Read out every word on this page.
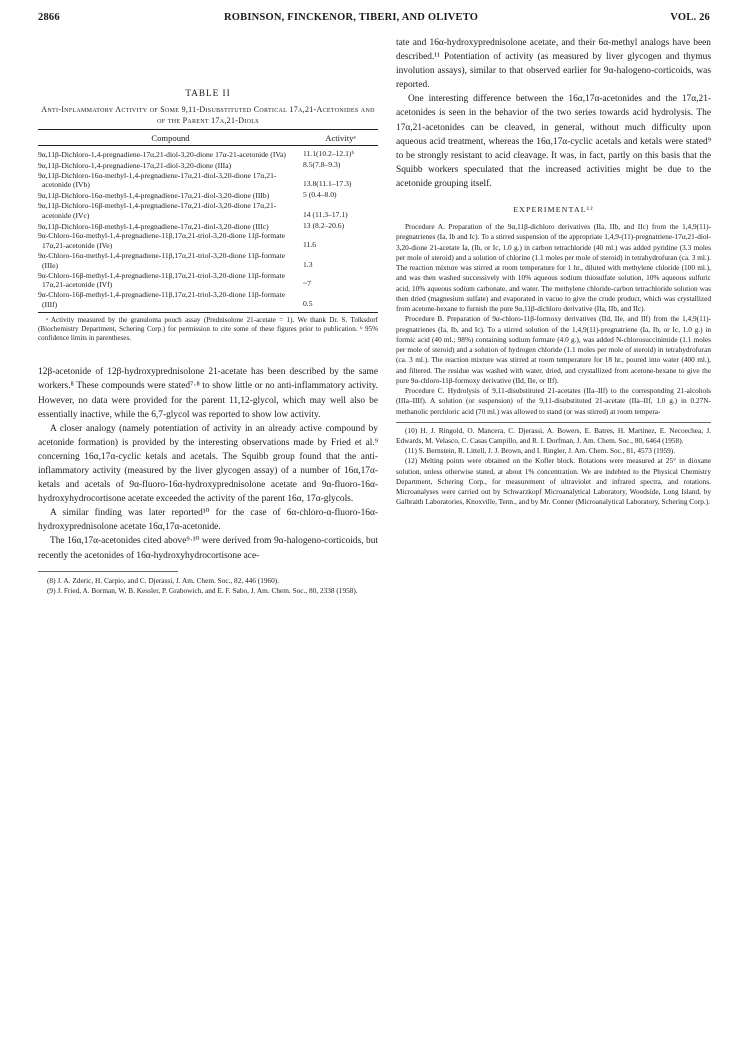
2866	ROBINSON, FINCKENOR, TIBERI, AND OLIVETO	VOL. 26
TABLE II
Anti-Inflammatory Activity of Some 9,11-Disubstituted Cortical 17α,21-Acetonides and of the Parent 17α,21-Diols
Compound	Activityᵃ
9α,11β-Dichloro-1,4-pregnadiene-17α,21-diol-3,20-dione 17α-21-acetonide (IVa)	11.1(10.2–12.1)ᵇ
9α,11β-Dichloro-1,4-pregnadiene-17α,21-diol-3,20-dione (IIIa)	8.5(7.8–9.3)
9α,11β-Dichloro-16α-methyl-1,4-pregnadiene-17α,21-diol-3,20-dione 17α,21-acetonide (IVb)	13.8(11.1–17.3)
9α,11β-Dichloro-16α-methyl-1,4-pregnadiene-17α,21-diol-3,20-dione (IIIb)	5 (0.4–8.0)
9α,11β-Dichloro-16β-methyl-1,4-pregnadiene-17α,21-diol-3,20-dione 17α,21-acetonide (IVc)	14 (11.3–17.1)
9α,11β-Dichloro-16β-methyl-1,4-pregnadiene-17α,21-diol-3,20-dione (IIIc)	13 (8.2–20.6)
9α-Chloro-16α-methyl-1,4-pregnadiene-11β,17α,21-triol-3,20-dione 11β-formate 17α,21-acetonide (IVe)	11.6
9α-Chloro-16α-methyl-1,4-pregnadiene-11β,17α,21-triol-3,20-dione 11β-formate (IIIe)	1.3
9α-Chloro-16β-methyl-1,4-pregnadiene-11β,17α,21-triol-3,20-dione 11β-formate 17α,21-acetonide (IVf)	~7
9α-Chloro-16β-methyl-1,4-pregnadiene-11β,17α,21-triol-3,20-dione 11β-formate (IIIf)	0.5
ᵃ Activity measured by the granuloma pouch assay (Prednisolone 21-acetate = 1). We thank Dr. S. Tolksdorf (Biochemistry Department, Schering Corp.) for permission to cite some of these figures prior to publication. ᵇ 95% confidence limits in parentheses.

12β-acetonide of 12β-hydroxyprednisolone 21-acetate has been described by the same workers.⁸ These compounds were stated⁷·⁸ to show little or no anti-inflammatory activity. However, no data were provided for the parent 11,12-glycol, which may well also be essentially inactive, while the 6,7-glycol was reported to show low activity.

A closer analogy (namely potentiation of activity in an already active compound by acetonide formation) is provided by the interesting observations made by Fried et al.⁹ concerning 16α,17α-cyclic ketals and acetals. The Squibb group found that the anti-inflammatory activity (measured by the liver glycogen assay) of a number of 16α,17α-ketals and acetals of 9α-fluoro-16α-hydroxyprednisolone acetate and 9α-fluoro-16α-hydroxyhydrocortisone acetate exceeded the activity of the parent 16α, 17α-glycols.

A similar finding was later reported¹⁰ for the case of 6α-chloro-α-fluoro-16α-hydroxyprednisolone acetate 16α,17α-acetonide.

The 16α,17α-acetonides cited above⁹·¹⁰ were derived from 9α-halogeno-corticoids, but recently the acetonides of 16α-hydroxyhydrocortisone ace-

(8) J. A. Zderic, H. Carpio, and C. Djerassi, J. Am. Chem. Soc., 82, 446 (1960).

(9) J. Fried, A. Borman, W. B. Kessler, P. Grabowich, and E. F. Sabo, J. Am. Chem. Soc., 80, 2338 (1958).

tate and 16α-hydroxyprednisolone acetate, and their 6α-methyl analogs have been described.¹¹ Potentiation of activity (as measured by liver glycogen and thymus involution assays), similar to that observed earlier for 9α-halogeno-corticoids, was reported.

One interesting difference between the 16α,17α-acetonides and the 17α,21-acetonides is seen in the behavior of the two series towards acid hydrolysis. The 17α,21-acetonides can be cleaved, in general, without much difficulty upon aqueous acid treatment, whereas the 16α,17α-cyclic acetals and ketals were stated⁹ to be strongly resistant to acid cleavage. It was, in fact, partly on this basis that the Squibb workers speculated that the increased activities might be due to the acetonide grouping itself.

EXPERIMENTAL¹²

Procedure A. Preparation of the 9α,11β-dichloro derivatives (IIa, IIb, and IIc) from the 1,4,9(11)-pregnatrienes (Ia, Ib and Ic). To a stirred suspension of the appropriate 1,4,9-(11)-pregnatriene-17α,21-diol-3,20-dione 21-acetate Ia, (Ib, or Ic, 1.0 g.) in carbon tetrachloride (40 ml.) was added pyridine (3.3 moles per mole of steroid) and a solution of chlorine (1.1 moles per mole of steroid) in tetrahydrofuran (ca. 3 ml.). The reaction mixture was stirred at room temperature for 1 hr., diluted with methylene chloride (100 ml.), and was then washed successively with 10% aqueous sodium thiosulfate solution, 10% aqueous sulfuric acid, 10% aqueous sodium carbonate, and water. The methylene chloride-carbon tetrachloride solution was then dried (magnesium sulfate) and evaporated in vacuo to give the crude product, which was crystallized from acetone-hexane to furnish the pure 9α,11β-dichloro derivative (IIa, IIb, and IIc).

Procedure B. Preparation of 9α-chloro-11β-formoxy derivatives (IId, IIe, and IIf) from the 1,4,9(11)-pregnatrienes (Ia, Ib, and Ic). To a stirred solution of the 1,4,9(11)-pregnatriene (Ia, Ib, or Ic, 1.0 g.) in formic acid (40 ml.; 98%) containing sodium formate (4.0 g.), was added N-chlorosuccinimide (1.1 moles per mole of steroid) and a solution of hydrogen chloride (1.1 moles per mole of steroid) in tetrahydrofuran (ca. 3 ml.). The reaction mixture was stirred at room temperature for 18 hr., poured into water (400 ml.), and filtered. The residue was washed with water, dried, and crystallized from acetone-hexane to give the pure 9α-chloro-11β-formoxy derivative (IId, IIe, or IIf).

Procedure C. Hydrolysis of 9,11-disubstituted 21-acetates (IIa–IIf) to the corresponding 21-alcohols (IIIa–IIIf). A solution (or suspension) of the 9,11-disubstituted 21-acetate (IIa–IIf, 1.0 g.) in 0.27N-methanolic perchloric acid (70 ml.) was allowed to stand (or was stirred) at room tempera-

(10) H. J. Ringold, O. Mancera, C. Djerassi, A. Bowers, E. Batres, H. Martinez, E. Necoechea, J. Edwards, M. Velasco, C. Casas Campillo, and R. I. Dorfman, J. Am. Chem. Soc., 80, 6464 (1958).

(11) S. Bernstein, R. Littell, J. J. Brown, and I. Ringler, J. Am. Chem. Soc., 81, 4573 (1959).

(12) Melting points were obtained on the Kofler block. Rotations were measured at 25° in dioxane solution, unless otherwise stated, at about 1% concentration. We are indebted to the Physical Chemistry Department, Schering Corp., for measurement of ultraviolet and infrared spectra, and rotations. Microanalyses were carried out by Schwarzkopf Microanalytical Laboratory, Woodside, Long Island, by Galbraith Laboratories, Knoxville, Tenn., and by Mr. Conner (Microanalytical Laboratory, Schering Corp.).
